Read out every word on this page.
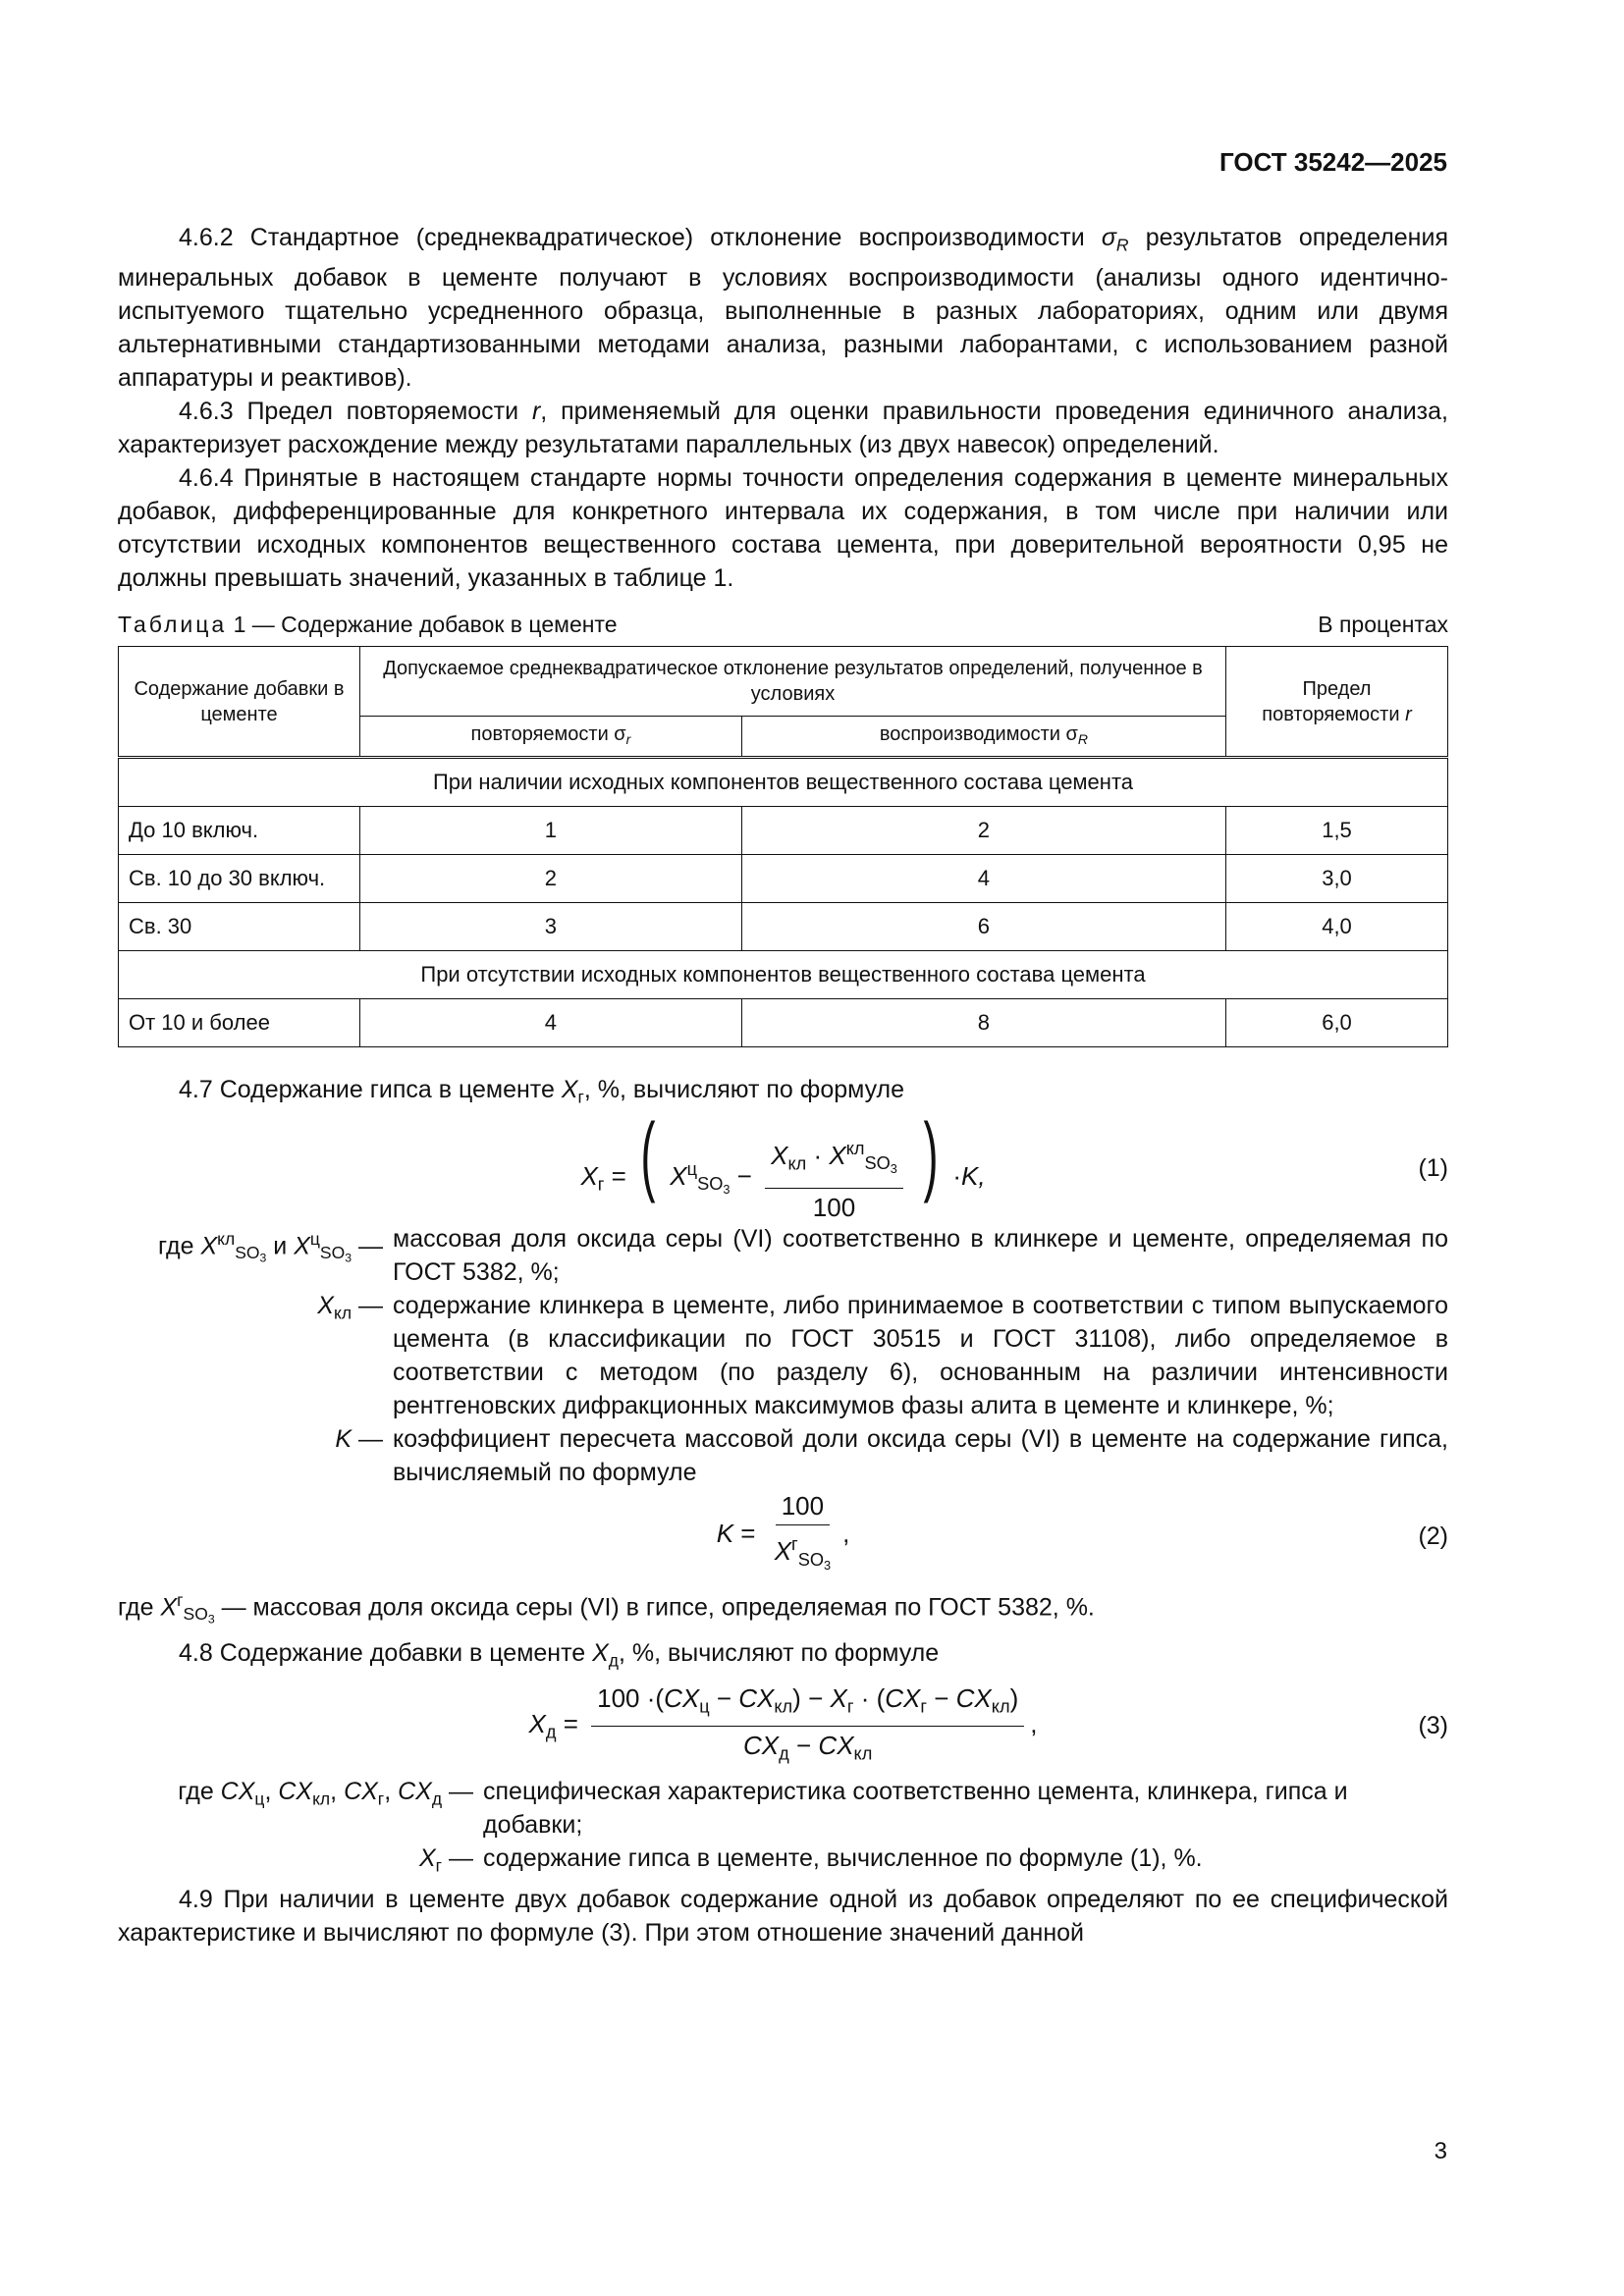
ГОСТ 35242—2025

4.6.2 Стандартное (среднеквадратическое) отклонение воспроизводимости $\sigma_R$ результатов определения минеральных добавок в цементе получают в условиях воспроизводимости (анализы одного идентично-испытуемого тщательно усредненного образца, выполненные в разных лабораториях, одним или двумя альтернативными стандартизованными методами анализа, разными лаборантами, с использованием разной аппаратуры и реактивов).

4.6.3 Предел повторяемости r, применяемый для оценки правильности проведения единичного анализа, характеризует расхождение между результатами параллельных (из двух навесок) определений.

4.6.4 Принятые в настоящем стандарте нормы точности определения содержания в цементе минеральных добавок, дифференцированные для конкретного интервала их содержания, в том числе при наличии или отсутствии исходных компонентов вещественного состава цемента, при доверительной вероятности 0,95 не должны превышать значений, указанных в таблице 1.

Таблица 1 — Содержание добавок в цементе	В процентах
Содержание добавки в цементе	Допускаемое среднеквадратическое отклонение результатов определений, полученное в условиях		Предел повторяемости r
	повторяемости $\sigma_r$	воспроизводимости $\sigma_R$
При наличии исходных компонентов вещественного состава цемента			
До 10 включ.	1	2	1,5
Св. 10 до 30 включ.	2	4	3,0
Св. 30	3	6	4,0
При отсутствии исходных компонентов вещественного состава цемента			
От 10 и более	4	8	6,0

4.7 Содержание гипса в цементе $X_г$, %, вычисляют по формуле

$X_г$ = ( $X^ц_{SO_3} - \frac{X_{кл} \cdot X^{кл}_{SO_3}}{100}$ ) ·K,	(1)
где $X^{кл}_{SO_3}$ и $X^ц_{SO_3}$ — массовая доля оксида серы (VI) соответственно в клинкере и цементе, определяемая по ГОСТ 5382, %;
$X_{кл}$ — содержание клинкера в цементе, либо принимаемое в соответствии с типом выпускаемого цемента (в классификации по ГОСТ 30515 и ГОСТ 31108), либо определяемое в соответствии с методом (по разделу 6), основанным на различии интенсивности рентгеновских дифракционных максимумов фазы алита в цементе и клинкере, %;
K — коэффициент пересчета массовой доли оксида серы (VI) в цементе на содержание гипса, вычисляемый по формуле
$K = \frac{100}{X^г_{SO_3}}$ ,	(2)

где $X^г_{SO_3}$ — массовая доля оксида серы (VI) в гипсе, определяемая по ГОСТ 5382, %.

4.8 Содержание добавки в цементе $X_д$, %, вычисляют по формуле

$X_д = \frac{100 \cdot(CX_ц - CX_{кл}) - X_г \cdot (CX_г - CX_{кл})}{CX_д - CX_{кл}}$ ,	(3)
где $CX_ц$, $CX_{кл}$, $CX_г$, $CX_д$ — специфическая характеристика соответственно цемента, клинкера, гипса и добавки;
$X_г$ — содержание гипса в цементе, вычисленное по формуле (1), %.

4.9 При наличии в цементе двух добавок содержание одной из добавок определяют по ее специфической характеристике и вычисляют по формуле (3). При этом отношение значений данной

3
